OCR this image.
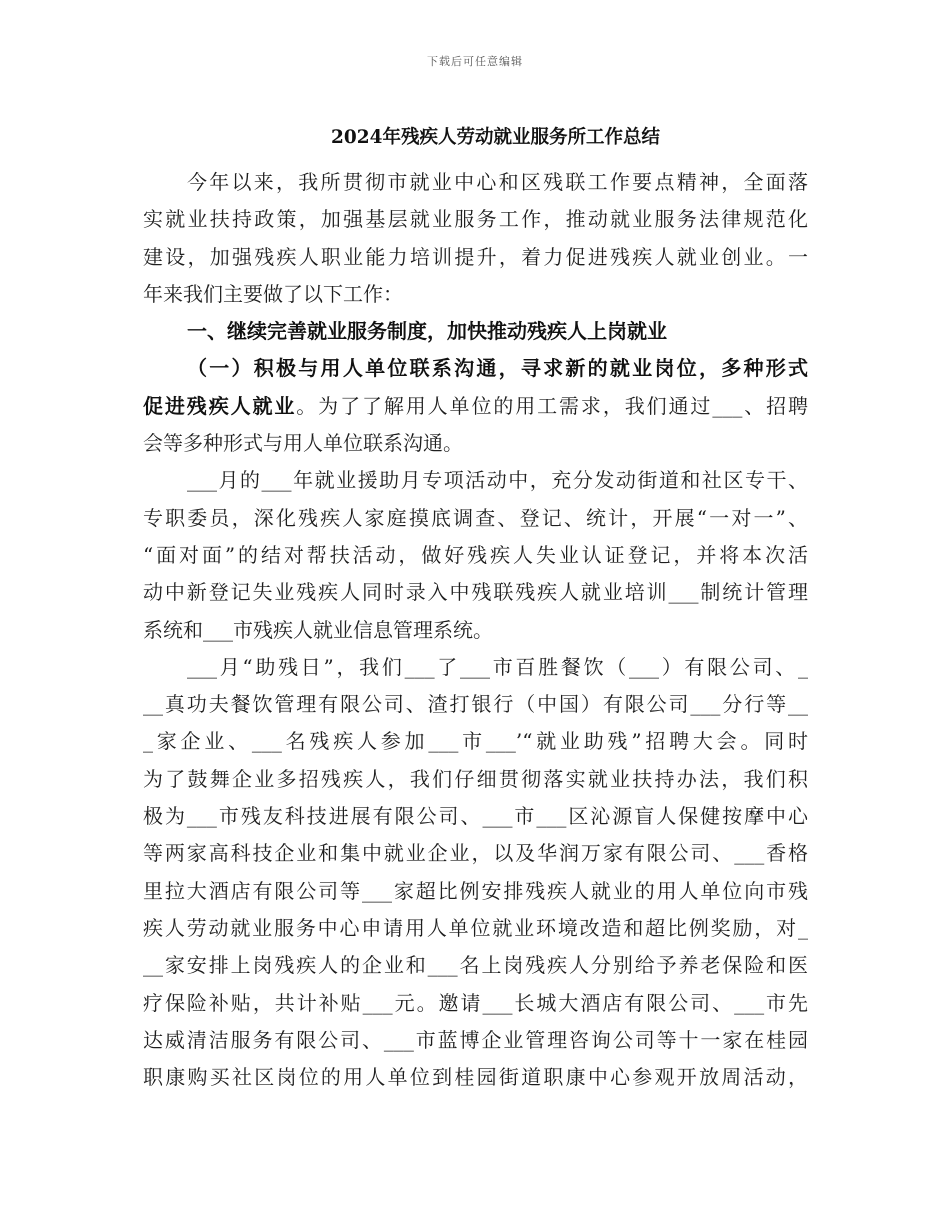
下载后可任意编辑
2024年残疾人劳动就业服务所工作总结
今年以来，我所贯彻市就业中心和区残联工作要点精神，全面落
实就业扶持政策，加强基层就业服务工作，推动就业服务法律规范化
建设，加强残疾人职业能力培训提升，着力促进残疾人就业创业。一
年来我们主要做了以下工作：
一、继续完善就业服务制度，加快推动残疾人上岗就业
（一）积极与用人单位联系沟通，寻求新的就业岗位，多种形式
促进残疾人就业。为了了解用人单位的用工需求，我们通过___、招聘
会等多种形式与用人单位联系沟通。
___月的___年就业援助月专项活动中，充分发动街道和社区专干、
专职委员，深化残疾人家庭摸底调查、登记、统计，开展“一对一”、
“面对面”的结对帮扶活动，做好残疾人失业认证登记，并将本次活
动中新登记失业残疾人同时录入中残联残疾人就业培训___制统计管理
系统和___市残疾人就业信息管理系统。
___月“助残日”，我们___了___市百胜餐饮（___）有限公司、_
__真功夫餐饮管理有限公司、渣打银行（中国）有限公司___分行等__
_家企业、___名残疾人参加___市___’“就业助残”招聘大会。同时
为了鼓舞企业多招残疾人，我们仔细贯彻落实就业扶持办法，我们积
极为___市残友科技进展有限公司、___市___区沁源盲人保健按摩中心
等两家高科技企业和集中就业企业，以及华润万家有限公司、___香格
里拉大酒店有限公司等___家超比例安排残疾人就业的用人单位向市残
疾人劳动就业服务中心申请用人单位就业环境改造和超比例奖励，对_
__家安排上岗残疾人的企业和___名上岗残疾人分别给予养老保险和医
疗保险补贴，共计补贴___元。邀请___长城大酒店有限公司、___市先
达威清洁服务有限公司、___市蓝博企业管理咨询公司等十一家在桂园
职康购买社区岗位的用人单位到桂园街道职康中心参观开放周活动，
